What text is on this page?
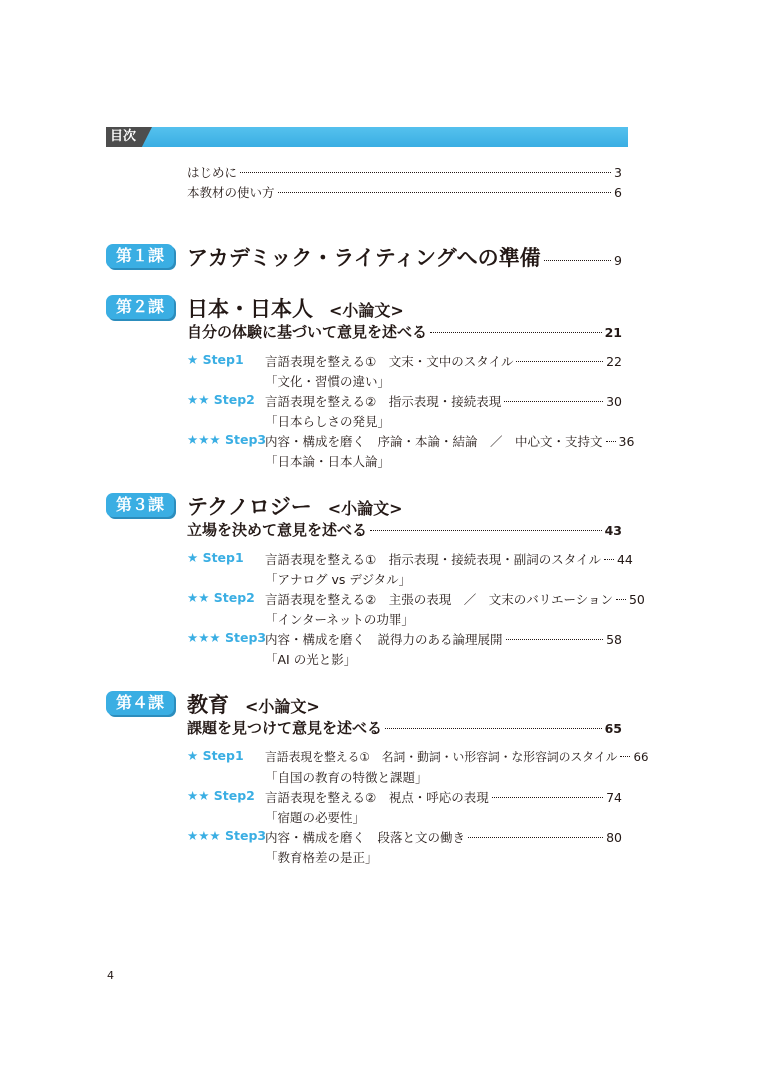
目次
はじめに	3
本教材の使い方	6
第１課	アカデミック・ライティングへの準備	9
第２課	日本・日本人 <小論文>
自分の体験に基づいて意見を述べる	21
★ Step1 言語表現を整える①　文末・文中のスタイル	22
「文化・習慣の違い」
★★ Step2 言語表現を整える②　指示表現・接続表現	30
「日本らしさの発見」
★★★ Step3
内容・構成を磨く　序論・本論・結論　／　中心文・支持文 36
「日本論・日本人論」
第３課	テクノロジー <小論文>
立場を決めて意見を述べる	43
★ Step1 言語表現を整える①　指示表現・接続表現・副詞のスタイル 44
「アナログ vs デジタル」
★★ Step2 言語表現を整える②　主張の表現　／　文末のバリエーション 50
「インターネットの功罪」
★★★ Step3
内容・構成を磨く　説得力のある論理展開	58
「AI の光と影」
第４課	教育 <小論文>
課題を見つけて意見を述べる	65
★ Step1 言語表現を整える①　名詞・動詞・い形容詞・な形容詞のスタイル 66
「自国の教育の特徴と課題」
★★ Step2 言語表現を整える②　視点・呼応の表現	74
「宿題の必要性」
★★★ Step3
内容・構成を磨く　段落と文の働き	80
「教育格差の是正」
4
